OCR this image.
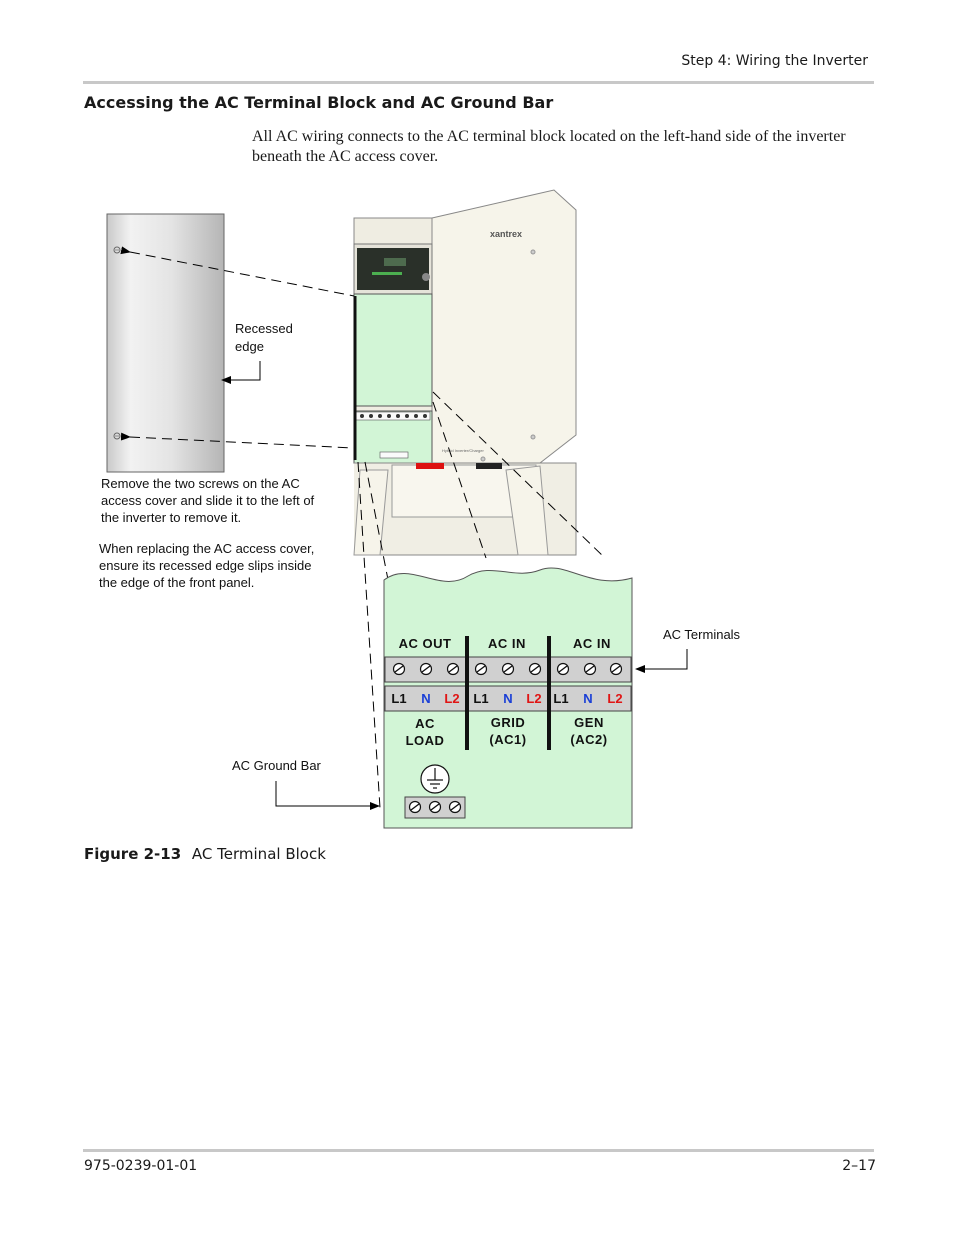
Step 4: Wiring the Inverter
Accessing the AC Terminal Block and AC Ground Bar

All AC wiring connects to the AC terminal block located on the left-hand side of the inverter beneath the AC access cover.

xantrex
Hybrid Inverter/Charger
AC OUT
L1 N L2
AC
LOAD
AC IN
L1 N L2
GRID
(AC1)
AC IN
L1 N L2
GEN
(AC2)
Recessed
edge
Remove the two screws on the AC
access cover and slide it to the left of
the inverter to remove it.
When replacing the AC access cover,
ensure its recessed edge slips inside
the edge of the front panel.
AC Terminals
AC Ground Bar
Figure 2-13 AC Terminal Block
975-0239-01-01	2–17
